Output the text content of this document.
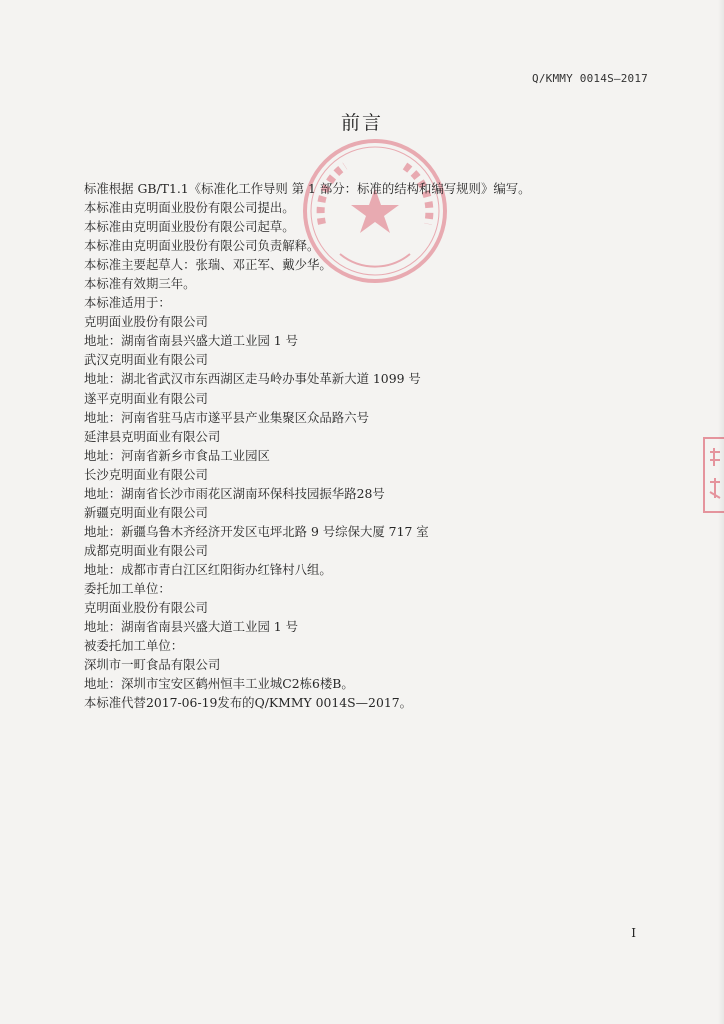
Q/KMMY 0014S—2017
前言
标准根据 GB/T1.1《标准化工作导则 第 1 部分：标准的结构和编写规则》编写。
本标准由克明面业股份有限公司提出。
本标准由克明面业股份有限公司起草。
本标准由克明面业股份有限公司负责解释。
本标准主要起草人：张瑞、邓正军、戴少华。
本标准有效期三年。
本标准适用于：
克明面业股份有限公司
地址：湖南省南县兴盛大道工业园 1 号
武汉克明面业有限公司
地址：湖北省武汉市东西湖区走马岭办事处革新大道 1099 号
遂平克明面业有限公司
地址：河南省驻马店市遂平县产业集聚区众品路六号
延津县克明面业有限公司
地址：河南省新乡市食品工业园区
长沙克明面业有限公司
地址：湖南省长沙市雨花区湖南环保科技园振华路28号
新疆克明面业有限公司
地址：新疆乌鲁木齐经济开发区屯坪北路 9 号综保大厦 717 室
成都克明面业有限公司
地址：成都市青白江区红阳街办红锋村八组。
委托加工单位：
克明面业股份有限公司
地址：湖南省南县兴盛大道工业园 1 号
被委托加工单位：
深圳市一町食品有限公司
地址：深圳市宝安区鹤州恒丰工业城C2栋6楼B。
本标准代替2017-06-19发布的Q/KMMY 0014S—2017。
I
